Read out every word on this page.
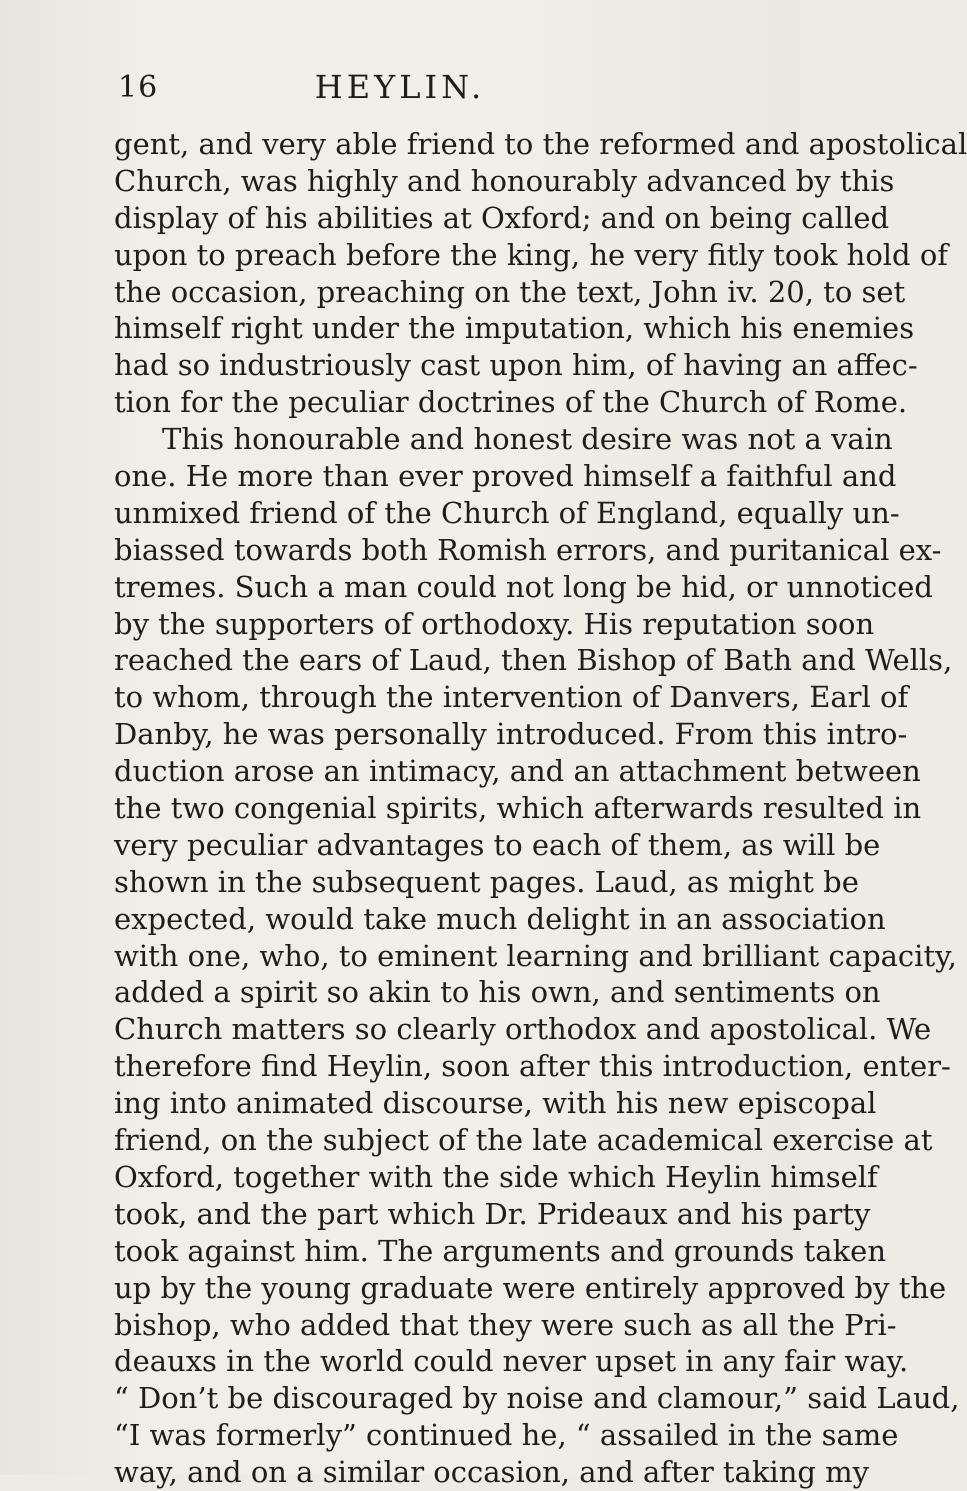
16	HEYLIN.
gent, and very able friend to the reformed and apostolical
Church, was highly and honourably advanced by this
display of his abilities at Oxford; and on being called
upon to preach before the king, he very fitly took hold of
the occasion, preaching on the text, John iv. 20, to set
himself right under the imputation, which his enemies
had so industriously cast upon him, of having an affec-
tion for the peculiar doctrines of the Church of Rome.
This honourable and honest desire was not a vain
one. He more than ever proved himself a faithful and
unmixed friend of the Church of England, equally un-
biassed towards both Romish errors, and puritanical ex-
tremes. Such a man could not long be hid, or unnoticed
by the supporters of orthodoxy. His reputation soon
reached the ears of Laud, then Bishop of Bath and Wells,
to whom, through the intervention of Danvers, Earl of
Danby, he was personally introduced. From this intro-
duction arose an intimacy, and an attachment between
the two congenial spirits, which afterwards resulted in
very peculiar advantages to each of them, as will be
shown in the subsequent pages. Laud, as might be
expected, would take much delight in an association
with one, who, to eminent learning and brilliant capacity,
added a spirit so akin to his own, and sentiments on
Church matters so clearly orthodox and apostolical. We
therefore find Heylin, soon after this introduction, enter-
ing into animated discourse, with his new episcopal
friend, on the subject of the late academical exercise at
Oxford, together with the side which Heylin himself
took, and the part which Dr. Prideaux and his party
took against him. The arguments and grounds taken
up by the young graduate were entirely approved by the
bishop, who added that they were such as all the Pri-
deauxs in the world could never upset in any fair way.
“ Don’t be discouraged by noise and clamour,” said Laud,
“I was formerly” continued he, “ assailed in the same
way, and on a similar occasion, and after taking my
